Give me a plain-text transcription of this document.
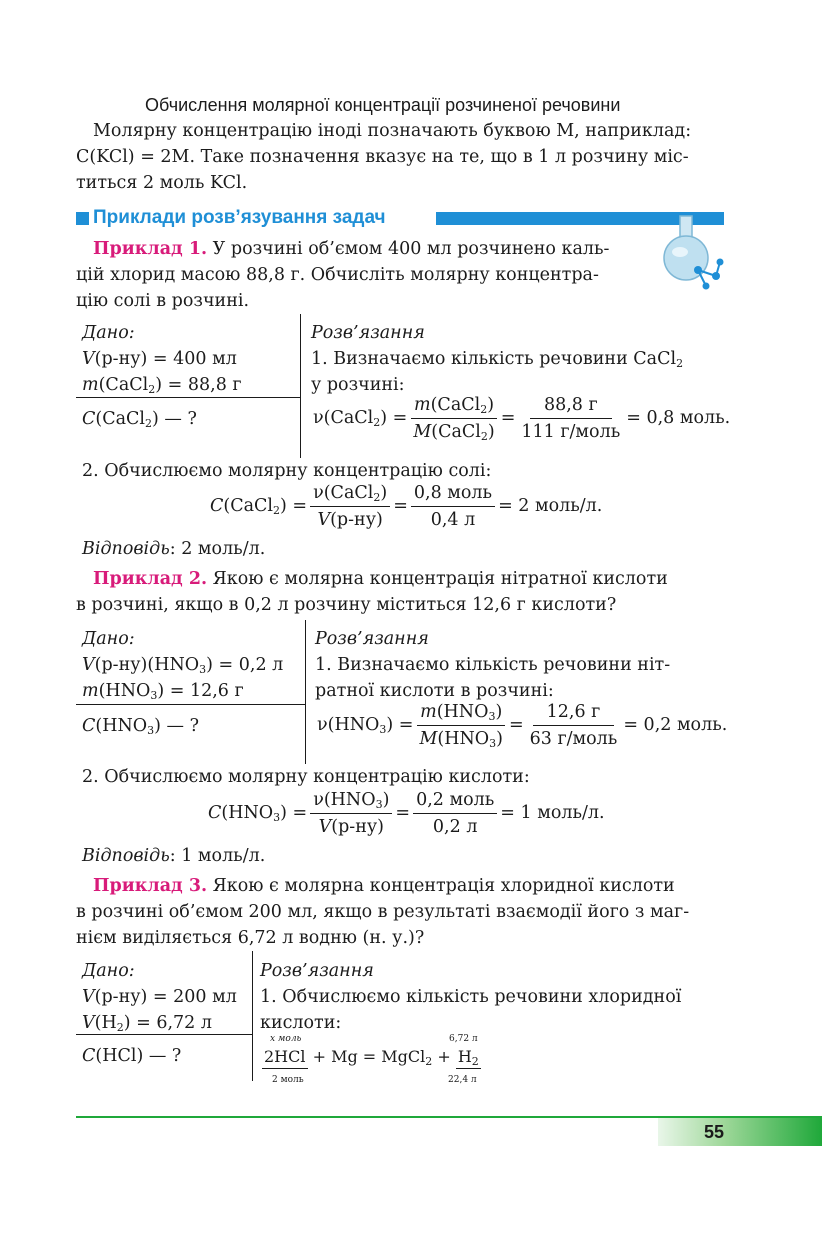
Обчислення молярної концентрації розчиненої речовини
Молярну концентрацію іноді позначають буквою M, наприклад:
C(KCl) = 2M. Таке позначення вказує на те, що в 1 л розчину міс-
титься 2 моль KCl.
Приклади розв’язування задач
Приклад 1. У розчині об’ємом 400 мл розчинено каль-
цій хлорид масою 88,8 г. Обчисліть молярну концентра-
цію солі в розчині.
Дано:
V(р-ну) = 400 мл
m(CaCl$_2$) = 88,8 г
C(CaCl$_2$) — ?
Розв’язання
1. Визначаємо кількість речовини CaCl$_2$
у розчині:
ν(CaCl$_2$) = $\frac{m(CaCl_2)}{M(CaCl_2)} = \frac{88,8 г}{\text{111 г/моль}} = 0,8$ моль.
2. Обчислюємо молярну концентрацію солі:
C(CaCl$_2$) = $\frac{\nu(CaCl_2)}{V(р-ну)} = \frac{\text{0,8 моль}}{0,4 л} = 2$ моль/л.
Відповідь: 2 моль/л.
Приклад 2. Якою є молярна концентрація нітратної кислоти
в розчині, якщо в 0,2 л розчину міститься 12,6 г кислоти?
Дано:
$V(р-ну)(HNO_3) = 0,2$ л
$m(HNO_3) = 12,6$ г
$C(HNO_3)$ — ?
Розв’язання
1. Визначаємо кількість речовини ніт-
ратної кислоти в розчині:
$\nu(HNO_3) = \frac{m(HNO_3)}{M(HNO_3)} = \frac{12,6 г}{\text{63 г/моль}} = 0,2$ моль.
2. Обчислюємо молярну концентрацію кислоти:
$C(HNO_3) = \frac{\nu(HNO_3)}{V(р-ну)} = \frac{\text{0,2 моль}}{0,2 л} = 1$ моль/л.
Відповідь: 1 моль/л.
Приклад 3. Якою є молярна концентрація хлоридної кислоти
в розчині об’ємом 200 мл, якщо в результаті взаємодії його з маг-
нієм виділяється 6,72 л водню (н. у.)?
Дано:
V(р-ну) = 200 мл
$V(H_2) = 6,72$ л
C(HCl) — ?
Розв’язання
1. Обчислюємо кількість речовини хлоридної
кислоти:
x моль	6,72 л
2HCl + Mg = MgCl$_2$ + $H_2$
2 моль	22,4 л
55
